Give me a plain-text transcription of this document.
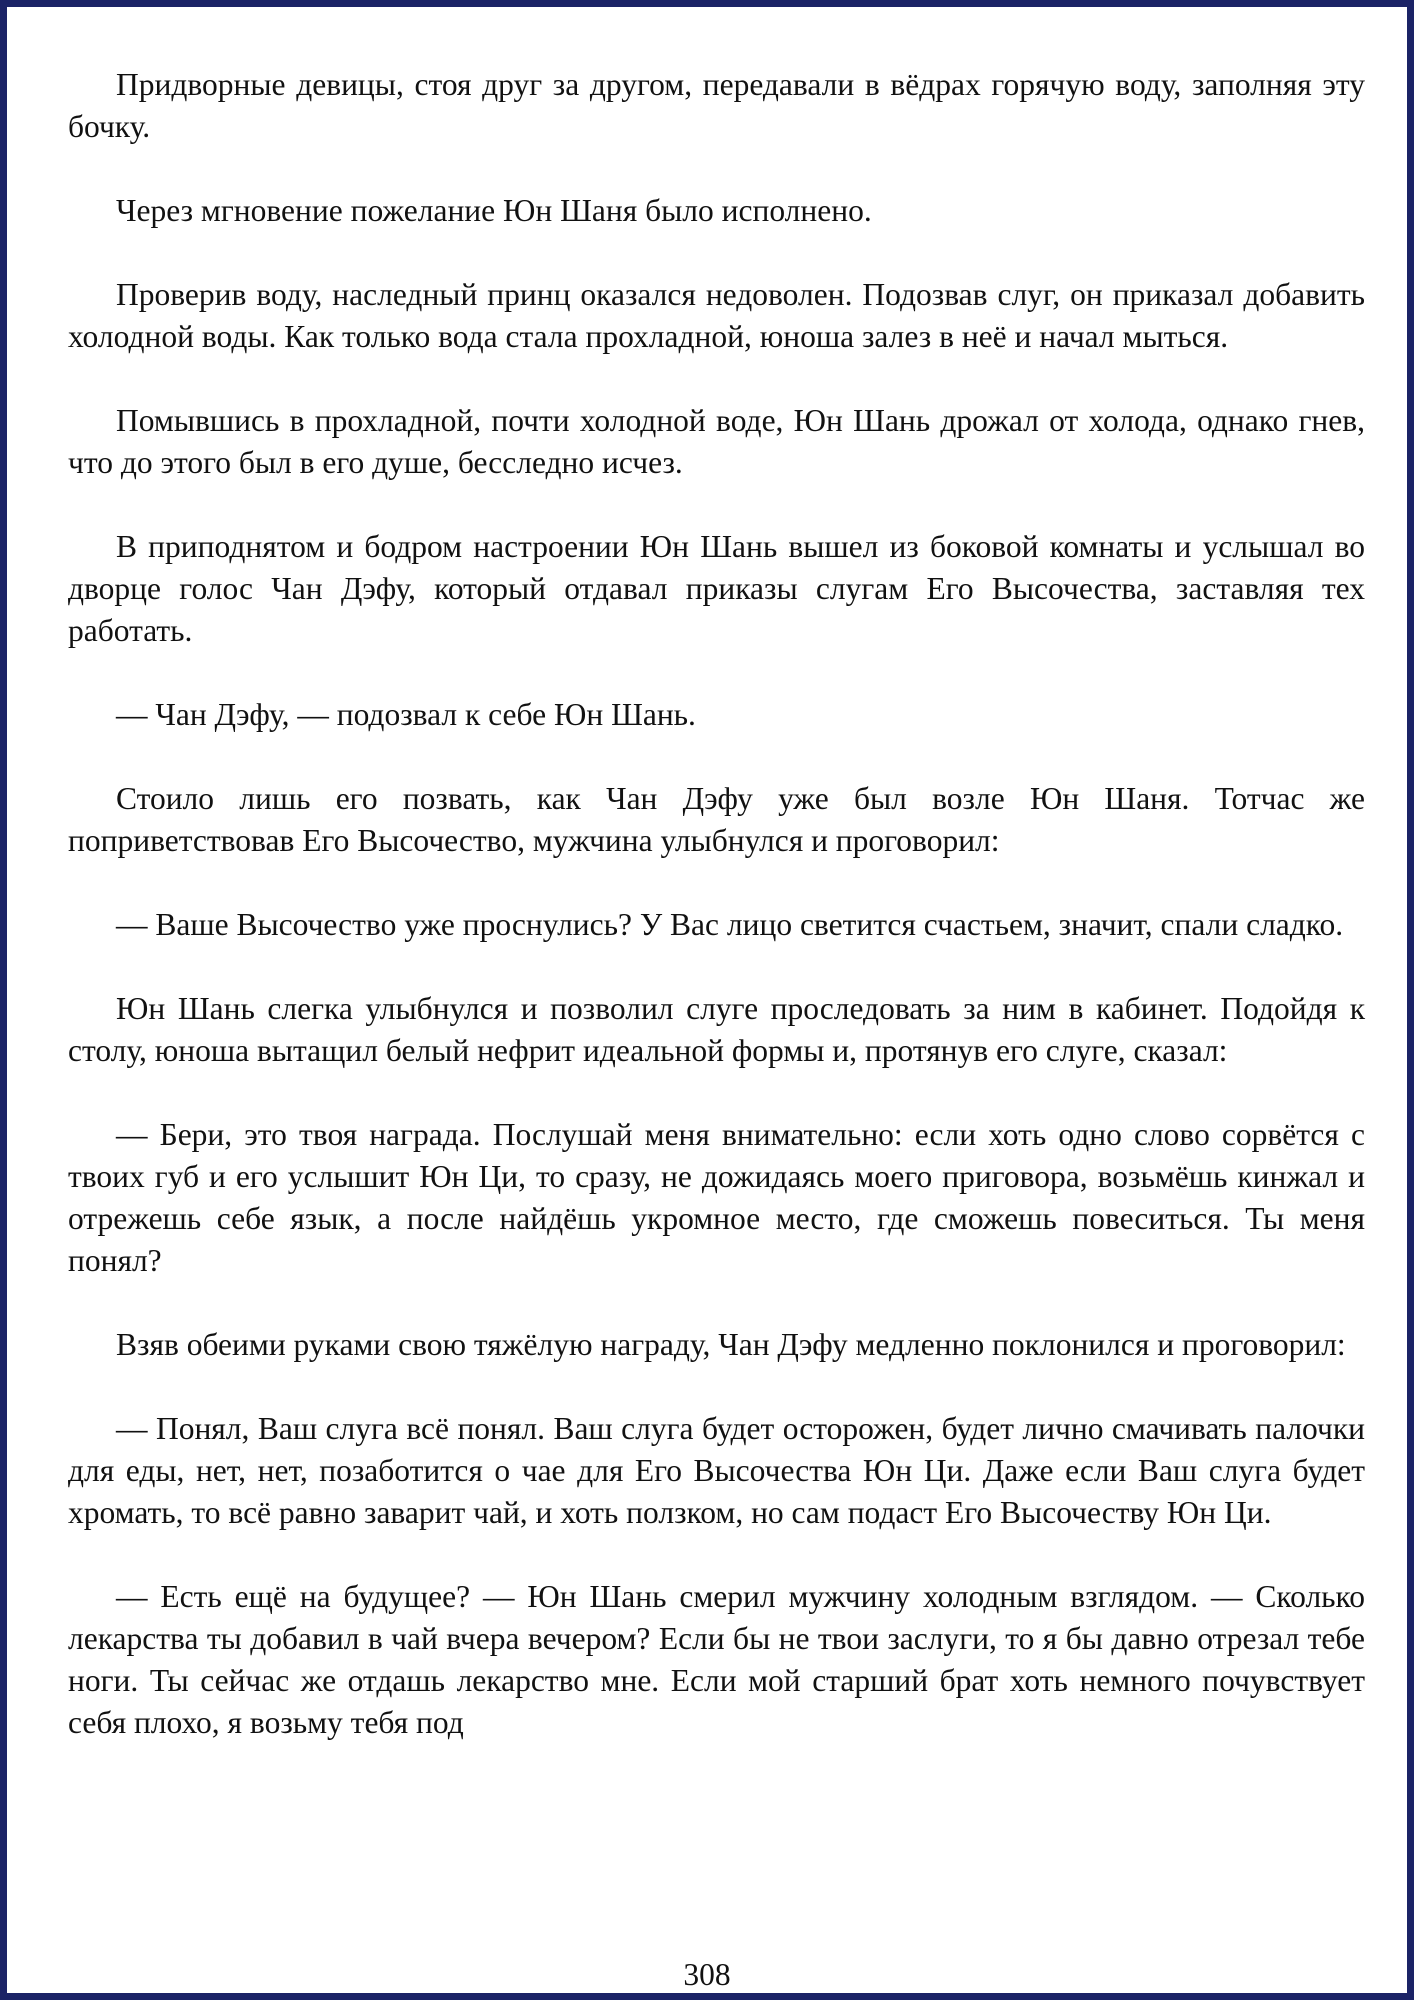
Придворные девицы, стоя друг за другом, передавали в вёдрах горячую воду, заполняя эту бочку.

Через мгновение пожелание Юн Шаня было исполнено.

Проверив воду, наследный принц оказался недоволен. Подозвав слуг, он приказал добавить холодной воды. Как только вода стала прохладной, юноша залез в неё и начал мыться.

Помывшись в прохладной, почти холодной воде, Юн Шань дрожал от холода, однако гнев, что до этого был в его душе, бесследно исчез.

В приподнятом и бодром настроении Юн Шань вышел из боковой комнаты и услышал во дворце голос Чан Дэфу, который отдавал приказы слугам Его Высочества, заставляя тех работать.

— Чан Дэфу, — подозвал к себе Юн Шань.

Стоило лишь его позвать, как Чан Дэфу уже был возле Юн Шаня. Тотчас же поприветствовав Его Высочество, мужчина улыбнулся и проговорил:

— Ваше Высочество уже проснулись? У Вас лицо светится счастьем, значит, спали сладко.

Юн Шань слегка улыбнулся и позволил слуге проследовать за ним в кабинет. Подойдя к столу, юноша вытащил белый нефрит идеальной формы и, протянув его слуге, сказал:

— Бери, это твоя награда. Послушай меня внимательно: если хоть одно слово сорвётся с твоих губ и его услышит Юн Ци, то сразу, не дожидаясь моего приговора, возьмёшь кинжал и отрежешь себе язык, а после найдёшь укромное место, где сможешь повеситься. Ты меня понял?

Взяв обеими руками свою тяжёлую награду, Чан Дэфу медленно поклонился и проговорил:

— Понял, Ваш слуга всё понял. Ваш слуга будет осторожен, будет лично смачивать палочки для еды, нет, нет, позаботится о чае для Его Высочества Юн Ци. Даже если Ваш слуга будет хромать, то всё равно заварит чай, и хоть ползком, но сам подаст Его Высочеству Юн Ци.

— Есть ещё на будущее? — Юн Шань смерил мужчину холодным взглядом. — Сколько лекарства ты добавил в чай вчера вечером? Если бы не твои заслуги, то я бы давно отрезал тебе ноги. Ты сейчас же отдашь лекарство мне. Если мой старший брат хоть немного почувствует себя плохо, я возьму тебя под

308
